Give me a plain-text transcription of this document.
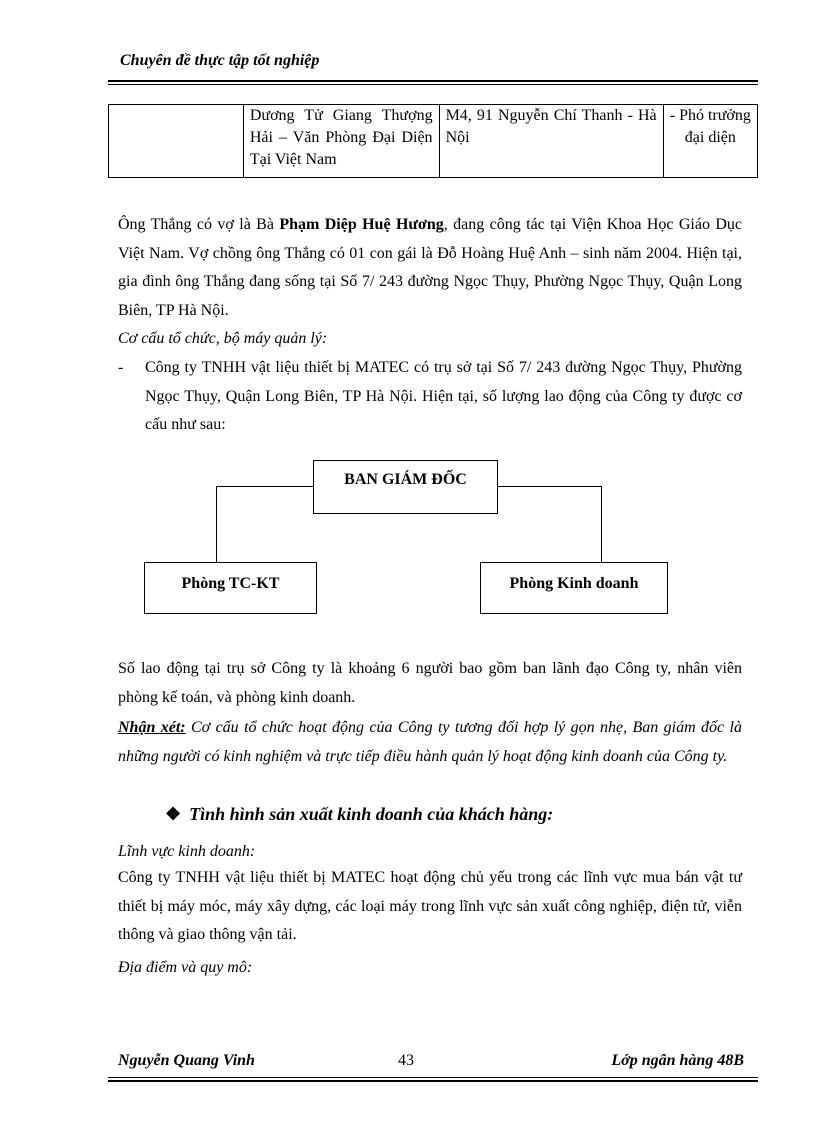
Chuyên đề thực tập tốt nghiệp
	Dương Tử Giang Thượng Hải – Văn Phòng Đại Diện Tại Việt Nam	M4, 91 Nguyễn Chí Thanh - Hà Nội	- Phó trưởng đại diện

Ông Thắng có vợ là Bà Phạm Diệp Huệ Hương, đang công tác tại Viện Khoa Học Giáo Dục Việt Nam. Vợ chồng ông Thắng có 01 con gái là Đỗ Hoàng Huệ Anh – sinh năm 2004. Hiện tại, gia đình ông Thắng đang sống tại Số 7/ 243 đường Ngọc Thụy, Phường Ngọc Thụy, Quận Long Biên, TP Hà Nội.

Cơ cấu tổ chức, bộ máy quản lý:
- Công ty TNHH vật liệu thiết bị MATEC có trụ sở tại Số 7/ 243 đường Ngọc Thụy, Phường Ngọc Thụy, Quận Long Biên, TP Hà Nội. Hiện tại, số lượng lao động của Công ty được cơ cấu như sau:

BAN GIÁM ĐỐC
Phòng TC-KT	Phòng Kinh doanh

Số lao động tại trụ sở Công ty là khoảng 6 người bao gồm ban lãnh đạo Công ty, nhân viên phòng kế toán, và phòng kinh doanh.

Nhận xét: Cơ cấu tổ chức hoạt động của Công ty tương đối hợp lý gọn nhẹ, Ban giám đốc là những người có kinh nghiệm và trực tiếp điều hành quản lý hoạt động kinh doanh của Công ty.

❖ Tình hình sản xuất kinh doanh của khách hàng:
Lĩnh vực kinh doanh:

Công ty TNHH vật liệu thiết bị MATEC hoạt động chủ yếu trong các lĩnh vực mua bán vật tư thiết bị máy móc, máy xây dựng, các loại máy trong lĩnh vực sản xuất công nghiệp, điện tử, viễn thông và giao thông vận tải.

Địa điểm và quy mô:
Nguyễn Quang Vinh	43	Lớp ngân hàng 48B
